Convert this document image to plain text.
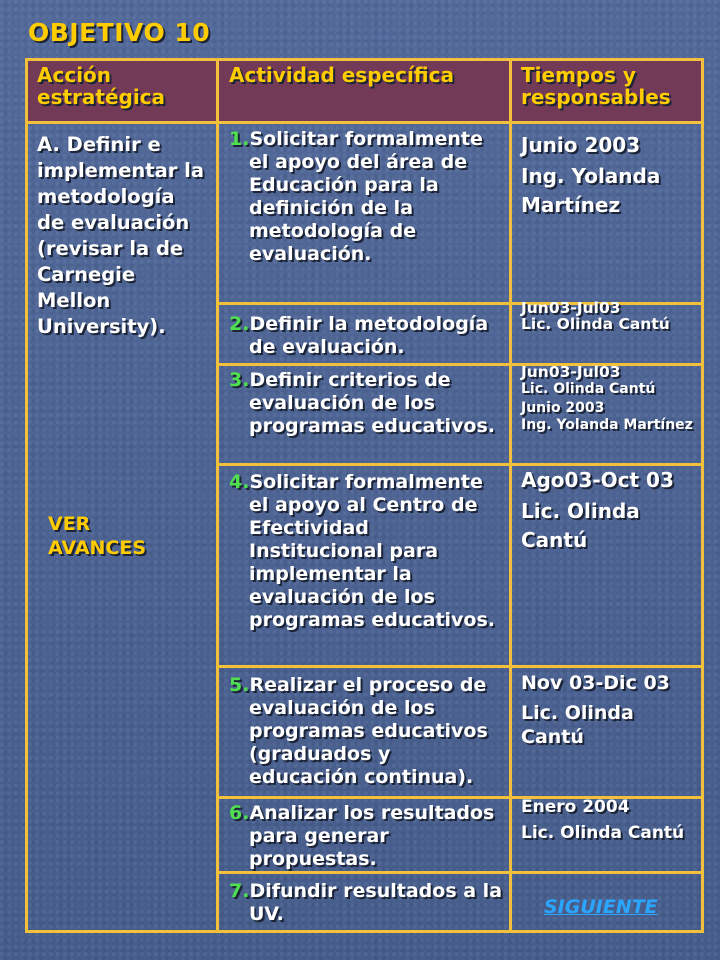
OBJETIVO 10
Acción estratégica
Actividad específica	Tiempos y responsables
A. Definir e implementar la metodología de evaluación (revisar la de Carnegie Mellon University).
VER AVANCES
1.Solicitar formalmente el apoyo del área de Educación para la definición de la metodología de evaluación.
2.Definir la metodología de evaluación.
3.Definir criterios de evaluación de los programas educativos.
4.Solicitar formalmente el apoyo al Centro de Efectividad Institucional para implementar la evaluación de los programas educativos.
5.Realizar el proceso de evaluación de los programas educativos (graduados y educación continua).
6.Analizar los resultados para generar propuestas.
7.Difundir resultados a la UV.
Junio 2003
Ing. Yolanda Martínez
Jun03-Jul03
Lic. Olinda Cantú
Jun03-Jul03
Lic. Olinda Cantú
Junio 2003
Ing. Yolanda Martínez
Ago03-Oct 03
Lic. Olinda Cantú
Nov 03-Dic 03
Lic. Olinda Cantú
Enero 2004
Lic. Olinda Cantú
SIGUIENTE
